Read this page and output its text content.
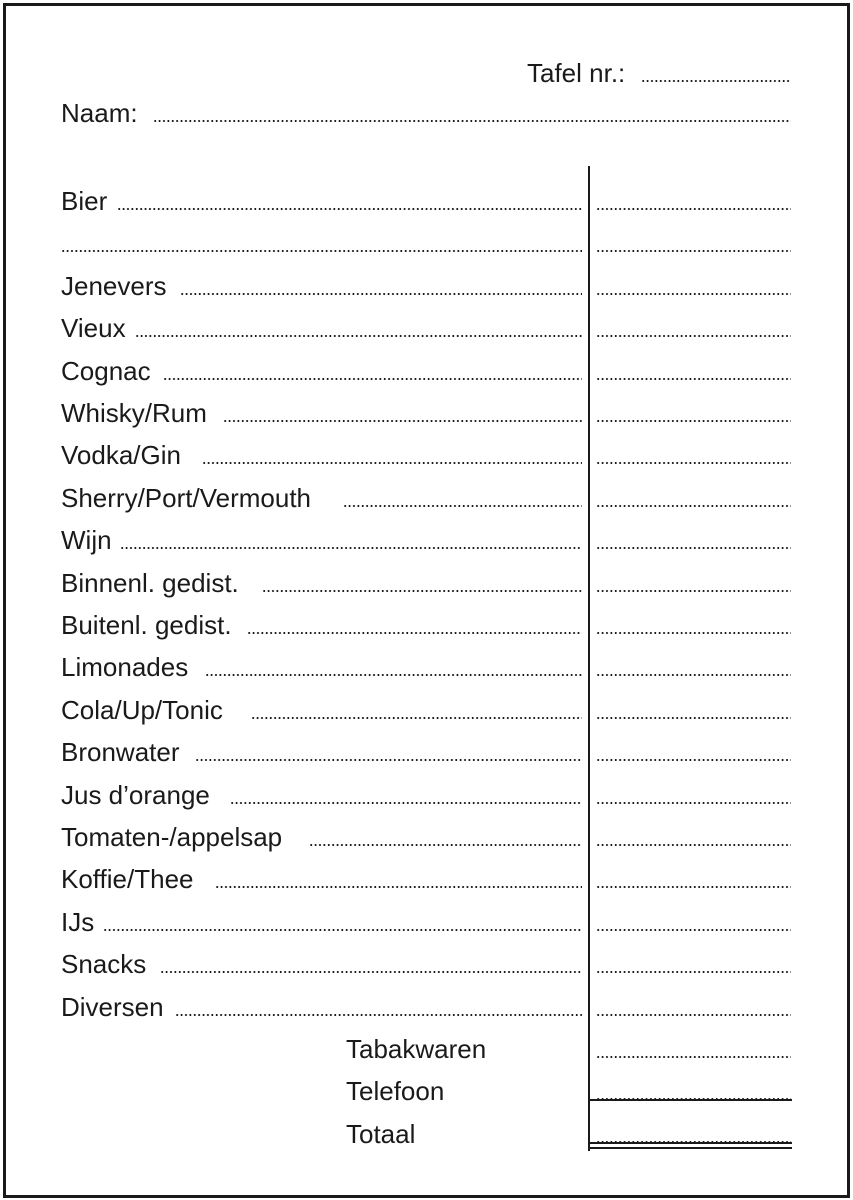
Tafel nr.:
Naam:
Bier
Jenevers
Vieux
Cognac
Whisky/Rum
Vodka/Gin
Sherry/Port/Vermouth
Wijn
Binnenl. gedist.
Buitenl. gedist.
Limonades
Cola/Up/Tonic
Bronwater
Jus d’orange
Tomaten-/appelsap
Koffie/Thee
IJs
Snacks
Diversen
Tabakwaren
Telefoon
Totaal
